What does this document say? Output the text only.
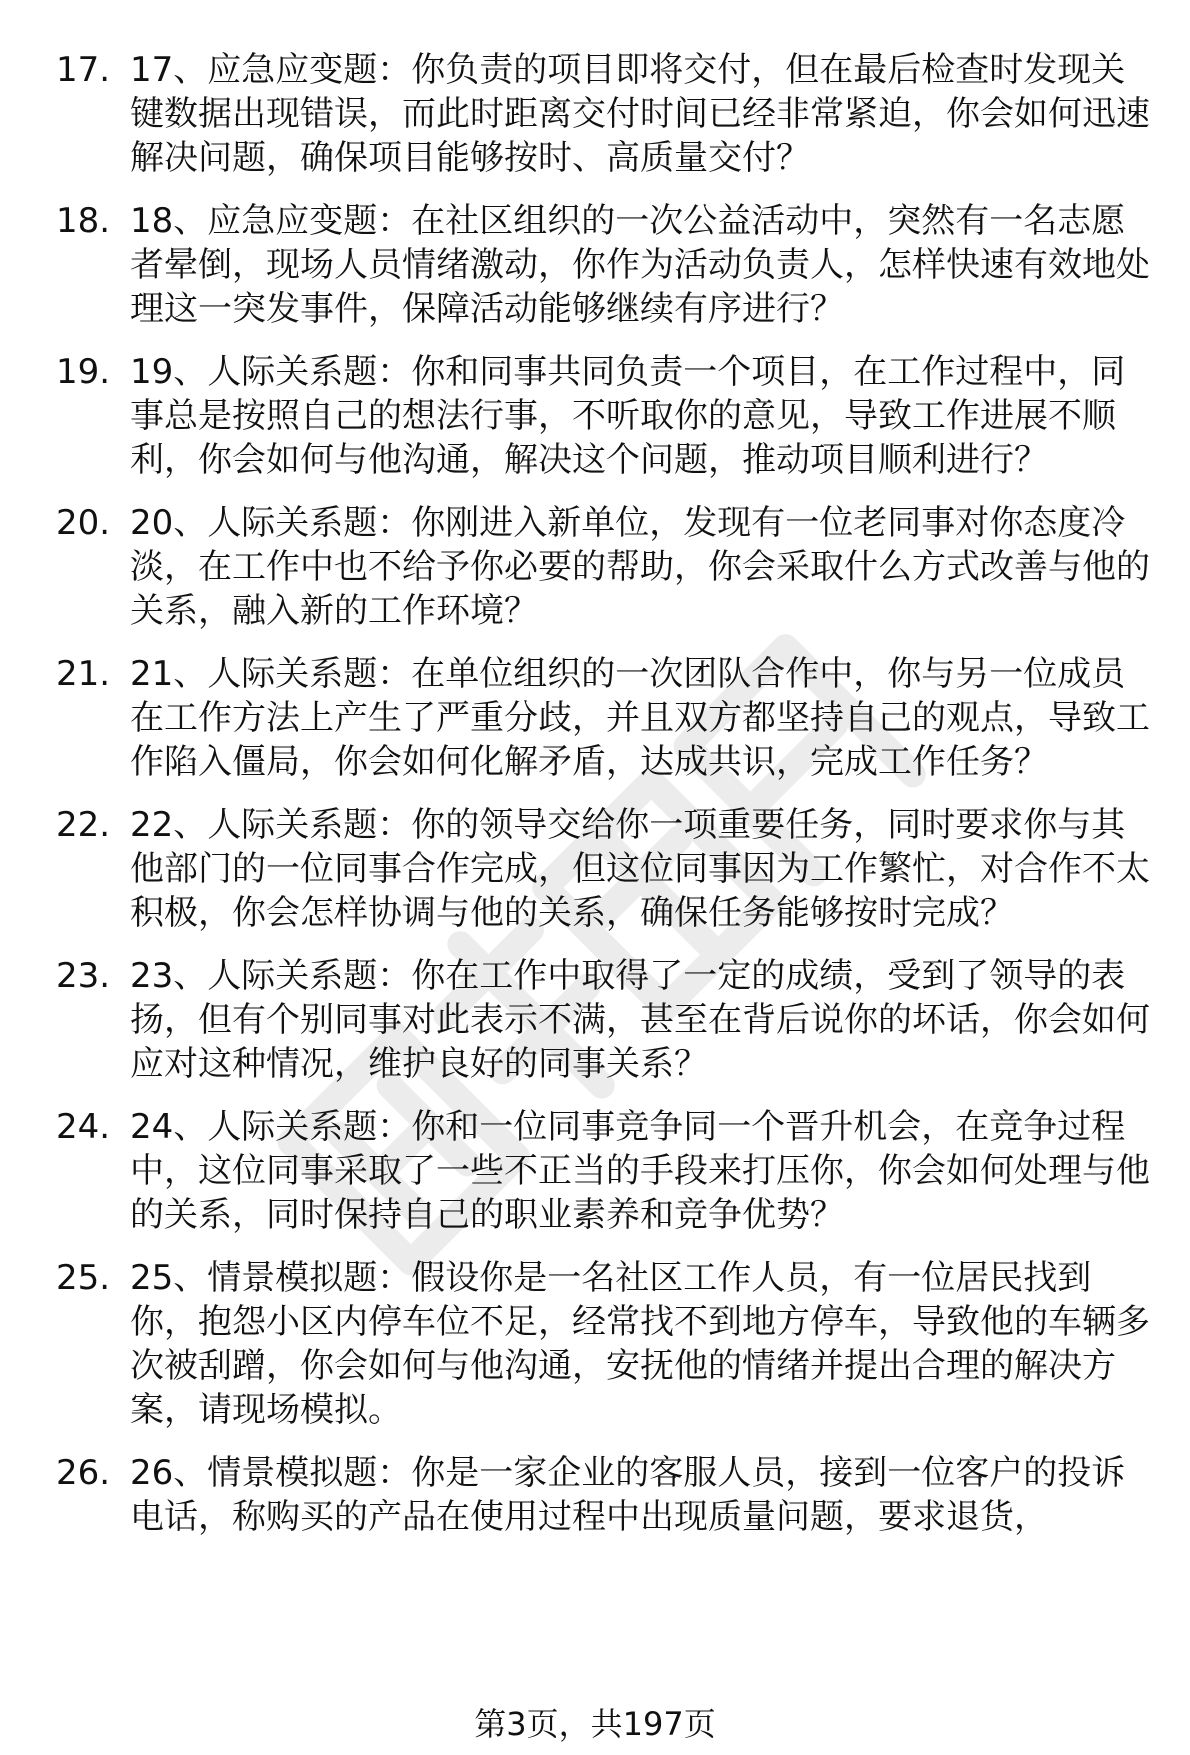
17. 17、应急应变题：你负责的项目即将交付，但在最后检查时发现关键数据出现错误，而此时距离交付时间已经非常紧迫，你会如何迅速解决问题，确保项目能够按时、高质量交付？
18. 18、应急应变题：在社区组织的一次公益活动中，突然有一名志愿者晕倒，现场人员情绪激动，你作为活动负责人，怎样快速有效地处理这一突发事件，保障活动能够继续有序进行？
19. 19、人际关系题：你和同事共同负责一个项目，在工作过程中，同事总是按照自己的想法行事，不听取你的意见，导致工作进展不顺利，你会如何与他沟通，解决这个问题，推动项目顺利进行？
20. 20、人际关系题：你刚进入新单位，发现有一位老同事对你态度冷淡，在工作中也不给予你必要的帮助，你会采取什么方式改善与他的关系，融入新的工作环境？
21. 21、人际关系题：在单位组织的一次团队合作中，你与另一位成员在工作方法上产生了严重分歧，并且双方都坚持自己的观点，导致工作陷入僵局，你会如何化解矛盾，达成共识，完成工作任务？
22. 22、人际关系题：你的领导交给你一项重要任务，同时要求你与其他部门的一位同事合作完成，但这位同事因为工作繁忙，对合作不太积极，你会怎样协调与他的关系，确保任务能够按时完成？
23. 23、人际关系题：你在工作中取得了一定的成绩，受到了领导的表扬，但有个别同事对此表示不满，甚至在背后说你的坏话，你会如何应对这种情况，维护良好的同事关系？
24. 24、人际关系题：你和一位同事竞争同一个晋升机会，在竞争过程中，这位同事采取了一些不正当的手段来打压你，你会如何处理与他的关系，同时保持自己的职业素养和竞争优势？
25. 25、情景模拟题：假设你是一名社区工作人员，有一位居民找到你，抱怨小区内停车位不足，经常找不到地方停车，导致他的车辆多次被刮蹭，你会如何与他沟通，安抚他的情绪并提出合理的解决方案，请现场模拟。
26. 26、情景模拟题：你是一家企业的客服人员，接到一位客户的投诉电话，称购买的产品在使用过程中出现质量问题，要求退货，
第3页，共197页
